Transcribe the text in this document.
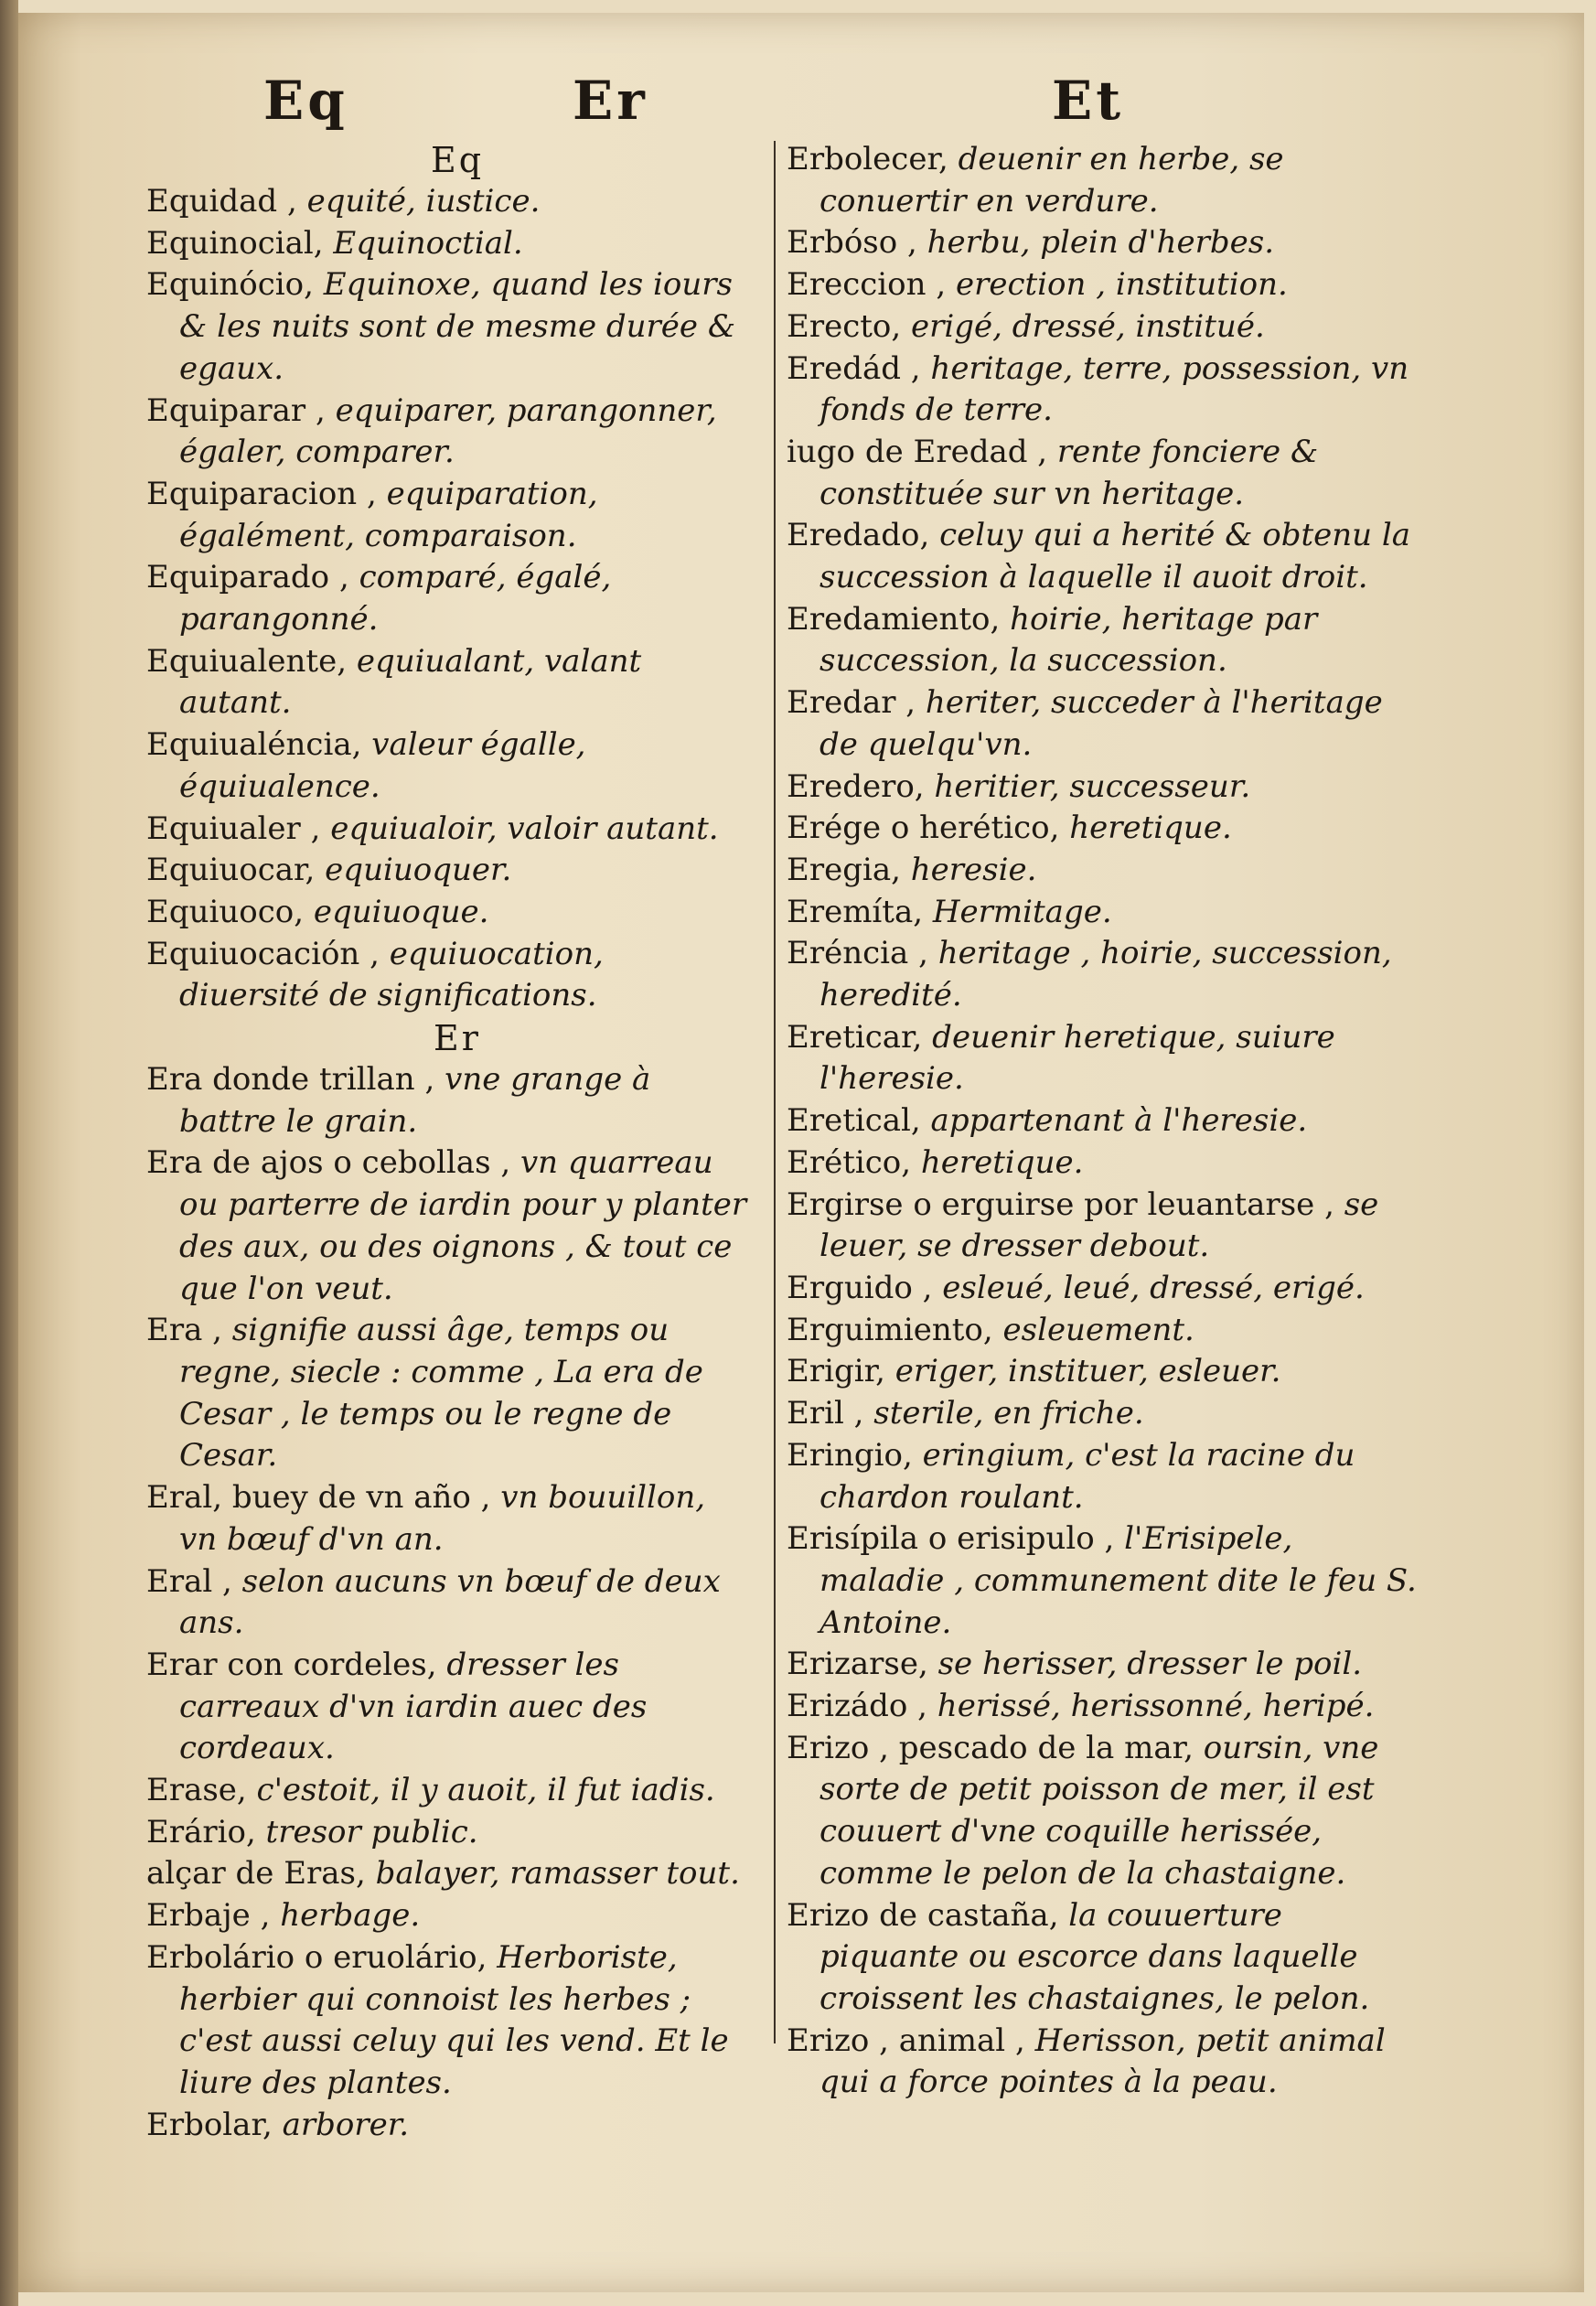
Eq	Er	Et

Eq

Equidad , equité, iustice.

Equinocial, Equinoctial.

Equinócio, Equinoxe, quand les iours & les nuits sont de mesme durée & egaux.

Equiparar , equiparer, parangonner, égaler, comparer.

Equiparacion , equiparation, égalément, comparaison.

Equiparado , comparé, égalé, parangonné.

Equiualente, equiualant, valant autant.

Equiualéncia, valeur égalle, équiualence.

Equiualer , equiualoir, valoir autant.

Equiuocar, equiuoquer.

Equiuoco, equiuoque.

Equiuocación , equiuocation, diuersité de significations.

Er

Era donde trillan , vne grange à battre le grain.

Era de ajos o cebollas , vn quarreau ou parterre de iardin pour y planter des aux, ou des oignons , & tout ce que l'on veut.

Era , signifie aussi âge, temps ou regne, siecle : comme , La era de Cesar , le temps ou le regne de Cesar.

Eral, buey de vn año , vn bouuillon, vn bœuf d'vn an.

Eral , selon aucuns vn bœuf de deux ans.

Erar con cordeles, dresser les carreaux d'vn iardin auec des cordeaux.

Erase, c'estoit, il y auoit, il fut iadis.

Erário, tresor public.

alçar de Eras, balayer, ramasser tout.

Erbaje , herbage.

Erbolário o eruolário, Herboriste, herbier qui connoist les herbes ; c'est aussi celuy qui les vend. Et le liure des plantes.

Erbolar, arborer.

Erbolecer, deuenir en herbe, se conuertir en verdure.

Erbóso , herbu, plein d'herbes.

Ereccion , erection , institution.

Erecto, erigé, dressé, institué.

Eredád , heritage, terre, possession, vn fonds de terre.

iugo de Eredad , rente fonciere & constituée sur vn heritage.

Eredado, celuy qui a herité & obtenu la succession à laquelle il auoit droit.

Eredamiento, hoirie, heritage par succession, la succession.

Eredar , heriter, succeder à l'heritage de quelqu'vn.

Eredero, heritier, successeur.

Erége o herético, heretique.

Eregia, heresie.

Eremíta, Hermitage.

Eréncia , heritage , hoirie, succession, heredité.

Ereticar, deuenir heretique, suiure l'heresie.

Eretical, appartenant à l'heresie.

Erético, heretique.

Ergirse o erguirse por leuantarse , se leuer, se dresser debout.

Erguido , esleué, leué, dressé, erigé.

Erguimiento, esleuement.

Erigir, eriger, instituer, esleuer.

Eril , sterile, en friche.

Eringio, eringium, c'est la racine du chardon roulant.

Erisípila o erisipulo , l'Erisipele, maladie , communement dite le feu S. Antoine.

Erizarse, se herisser, dresser le poil.

Erizádo , herissé, herissonné, heripé.

Erizo , pescado de la mar, oursin, vne sorte de petit poisson de mer, il est couuert d'vne coquille herissée, comme le pelon de la chastaigne.

Erizo de castaña, la couuerture piquante ou escorce dans laquelle croissent les chastaignes, le pelon.

Erizo , animal , Herisson, petit animal qui a force pointes à la peau.
